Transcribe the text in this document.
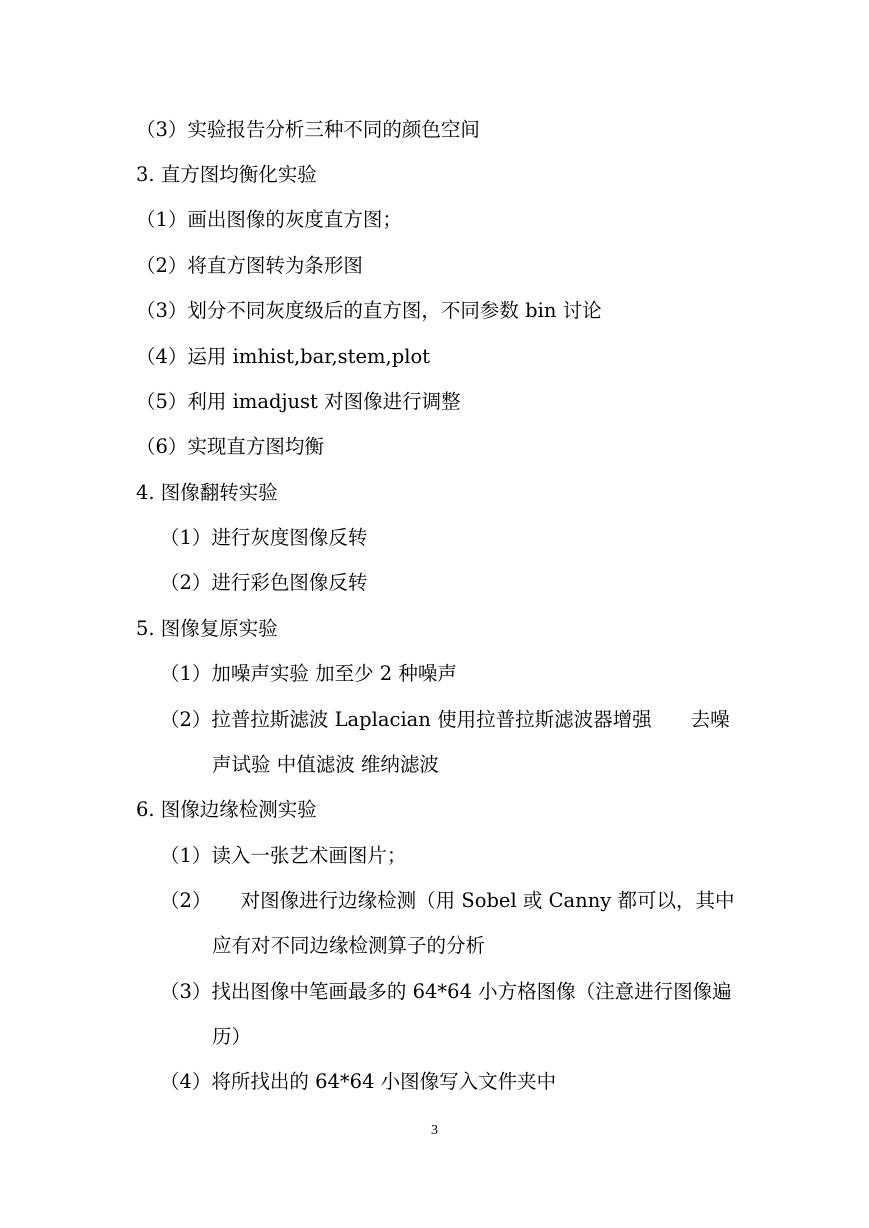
（3）实验报告分析三种不同的颜色空间
3. 直方图均衡化实验
（1）画出图像的灰度直方图；
（2）将直方图转为条形图
（3）划分不同灰度级后的直方图，不同参数 bin 讨论
（4）运用 imhist,bar,stem,plot
（5）利用 imadjust 对图像进行调整
（6）实现直方图均衡
4. 图像翻转实验
（1）进行灰度图像反转
（2）进行彩色图像反转
5. 图像复原实验
（1）加噪声实验 加至少 2 种噪声
（2）拉普拉斯滤波 Laplacian 使用拉普拉斯滤波器增强　　去噪
声试验 中值滤波 维纳滤波
6. 图像边缘检测实验
（1）读入一张艺术画图片；
（2）　　对图像进行边缘检测（用 Sobel 或 Canny 都可以，其中
应有对不同边缘检测算子的分析
（3）找出图像中笔画最多的 64*64 小方格图像（注意进行图像遍
历）
（4）将所找出的 64*64 小图像写入文件夹中
3
